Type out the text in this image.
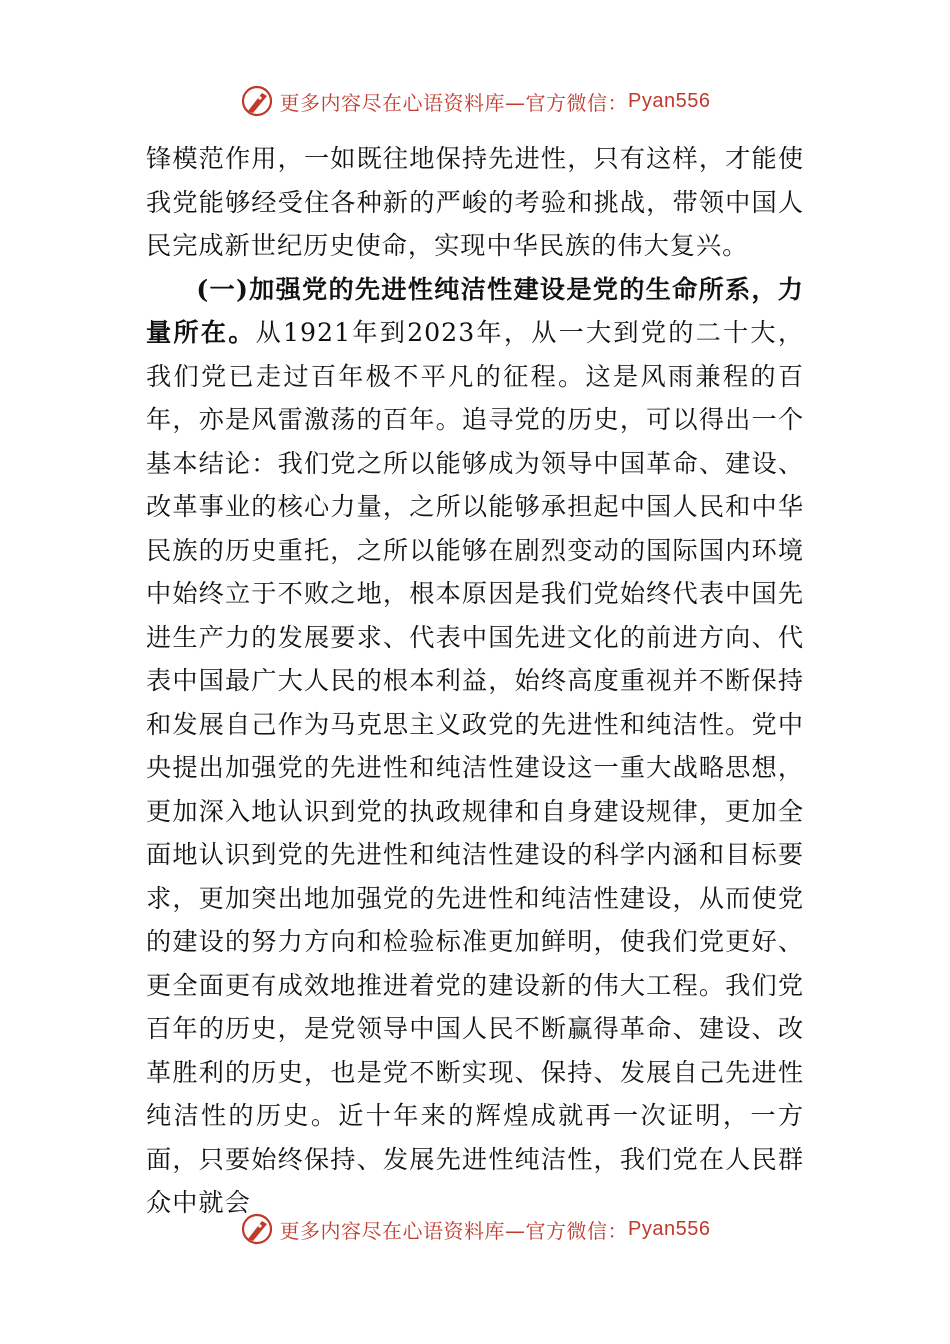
更多内容尽在心语资料库—官方微信： Pyan556

锋模范作用，一如既往地保持先进性，只有这样，才能使我党能够经受住各种新的严峻的考验和挑战，带领中国人民完成新世纪历史使命，实现中华民族的伟大复兴。

(一)加强党的先进性纯洁性建设是党的生命所系，力量所在。从1921年到2023年，从一大到党的二十大，我们党已走过百年极不平凡的征程。这是风雨兼程的百年，亦是风雷激荡的百年。追寻党的历史，可以得出一个基本结论：我们党之所以能够成为领导中国革命、建设、改革事业的核心力量，之所以能够承担起中国人民和中华民族的历史重托，之所以能够在剧烈变动的国际国内环境中始终立于不败之地，根本原因是我们党始终代表中国先进生产力的发展要求、代表中国先进文化的前进方向、代表中国最广大人民的根本利益，始终高度重视并不断保持和发展自己作为马克思主义政党的先进性和纯洁性。党中央提出加强党的先进性和纯洁性建设这一重大战略思想，更加深入地认识到党的执政规律和自身建设规律，更加全面地认识到党的先进性和纯洁性建设的科学内涵和目标要求，更加突出地加强党的先进性和纯洁性建设，从而使党的建设的努力方向和检验标准更加鲜明，使我们党更好、更全面更有成效地推进着党的建设新的伟大工程。我们党百年的历史，是党领导中国人民不断赢得革命、建设、改革胜利的历史，也是党不断实现、保持、发展自己先进性纯洁性的历史。近十年来的辉煌成就再一次证明，一方面，只要始终保持、发展先进性纯洁性，我们党在人民群众中就会

更多内容尽在心语资料库—官方微信： Pyan556
